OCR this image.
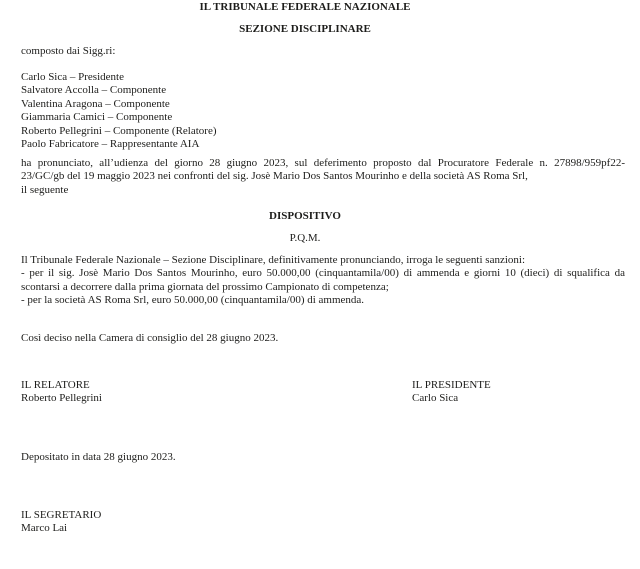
IL TRIBUNALE FEDERALE NAZIONALE
SEZIONE DISCIPLINARE
composto dai Sigg.ri:
Carlo Sica – Presidente
Salvatore Accolla – Componente
Valentina Aragona – Componente
Giammaria Camici – Componente
Roberto Pellegrini – Componente (Relatore)
Paolo Fabricatore – Rappresentante AIA
ha pronunciato, all’udienza del giorno 28 giugno 2023, sul deferimento proposto dal Procuratore Federale n. 27898/959pf22-
23/GC/gb del 19 maggio 2023 nei confronti del sig. Josè Mario Dos Santos Mourinho e della società AS Roma Srl,
il seguente
DISPOSITIVO
P.Q.M.
Il Tribunale Federale Nazionale – Sezione Disciplinare, definitivamente pronunciando, irroga le seguenti sanzioni:
- per il sig. Josè Mario Dos Santos Mourinho, euro 50.000,00 (cinquantamila/00) di ammenda e giorni 10 (dieci) di squalifica da
scontarsi a decorrere dalla prima giornata del prossimo Campionato di competenza;
- per la società AS Roma Srl, euro 50.000,00 (cinquantamila/00) di ammenda.
Così deciso nella Camera di consiglio del 28 giugno 2023.
IL RELATORE
Roberto Pellegrini
IL PRESIDENTE
Carlo Sica
Depositato in data 28 giugno 2023.
IL SEGRETARIO
Marco Lai
